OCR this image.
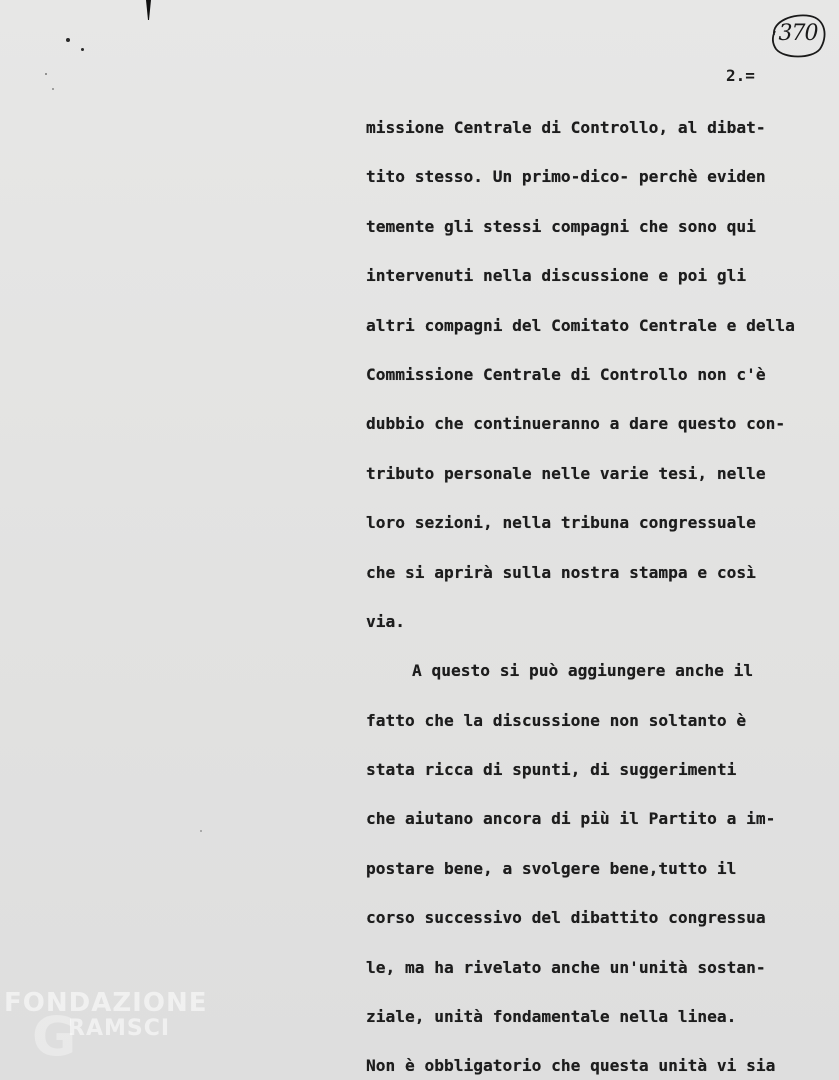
370
2.=
missione Centrale di Controllo, al dibat-
tito stesso. Un primo-dico- perchè eviden
temente gli stessi compagni che sono qui
intervenuti nella discussione e poi gli
altri compagni del Comitato Centrale e della
Commissione Centrale di Controllo non c'è
dubbio che continueranno a dare questo con-
tributo personale nelle varie tesi, nelle
loro sezioni, nella tribuna congressuale
che si aprirà sulla nostra stampa e così
via.
A questo si può aggiungere anche il
fatto che la discussione non soltanto è
stata ricca di spunti, di suggerimenti
che aiutano ancora di più il Partito a im-
postare bene, a svolgere bene,tutto il
corso successivo del dibattito congressua
le, ma ha rivelato anche un'unità sostan-
ziale, unità fondamentale nella linea.
Non è obbligatorio che questa unità vi sia
G
FONDAZIONE
RAMSCI
